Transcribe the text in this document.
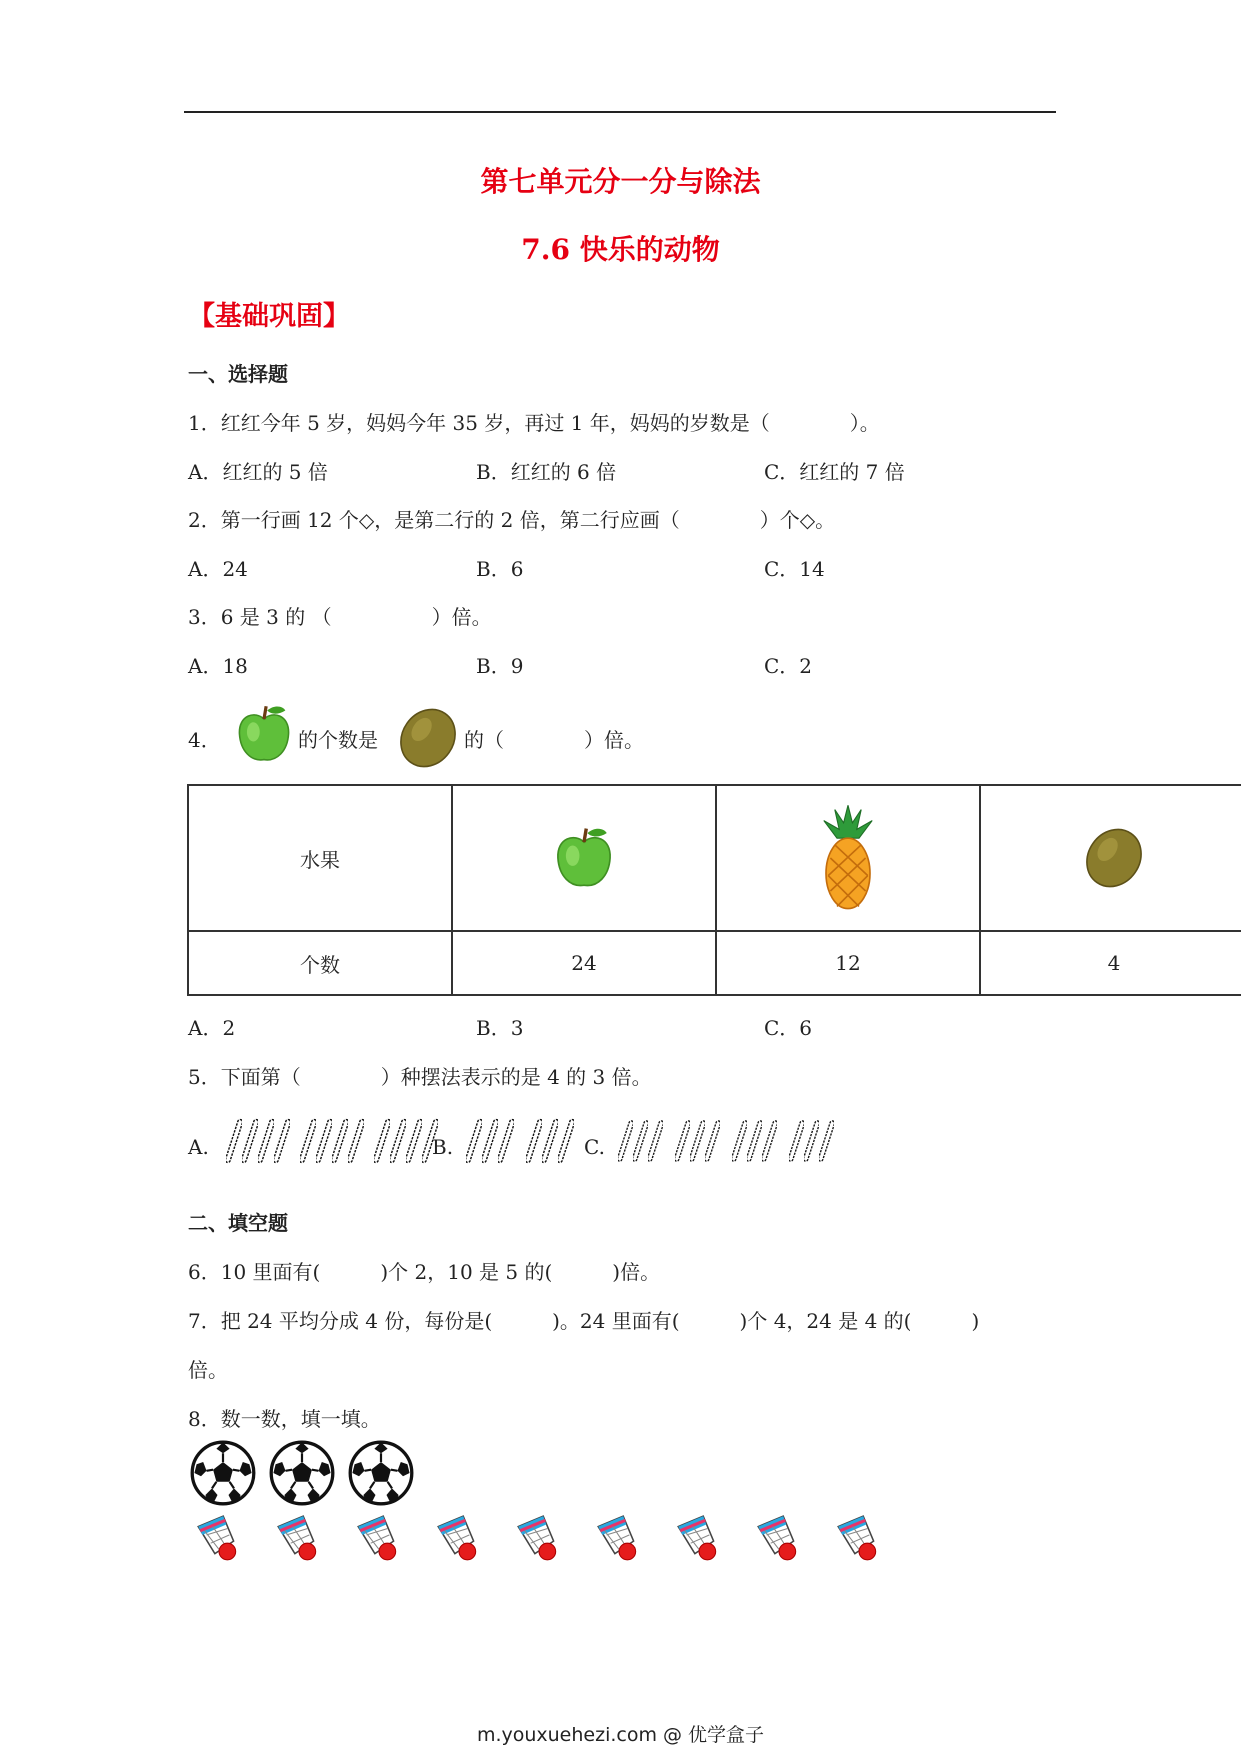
第七单元分一分与除法
7.6 快乐的动物
【基础巩固】
一、选择题
1．红红今年 5 岁，妈妈今年 35 岁，再过 1 年，妈妈的岁数是（　　　　）。
A．红红的 5 倍	B．红红的 6 倍	C．红红的 7 倍
2．第一行画 12 个◇，是第二行的 2 倍，第二行应画（　　　　）个◇。
A．24	B．6	C．14
3．6 是 3 的 （　　　　　）倍。
A．18	B．9	C．2
4．	的个数是	的（　　　　）倍。
水果	

个数	24	12	4
A．2	B．3	C．6
5．下面第（　　　　）种摆法表示的是 4 的 3 倍。
A.	B.	C.
二、填空题
6．10 里面有(　　　)个 2，10 是 5 的(　　　)倍。
7．把 24 平均分成 4 份，每份是(　　　)。24 里面有(　　　)个 4，24 是 4 的(　　　)
倍。
8．数一数，填一填。
m.youxuehezi.com @ 优学盒子
